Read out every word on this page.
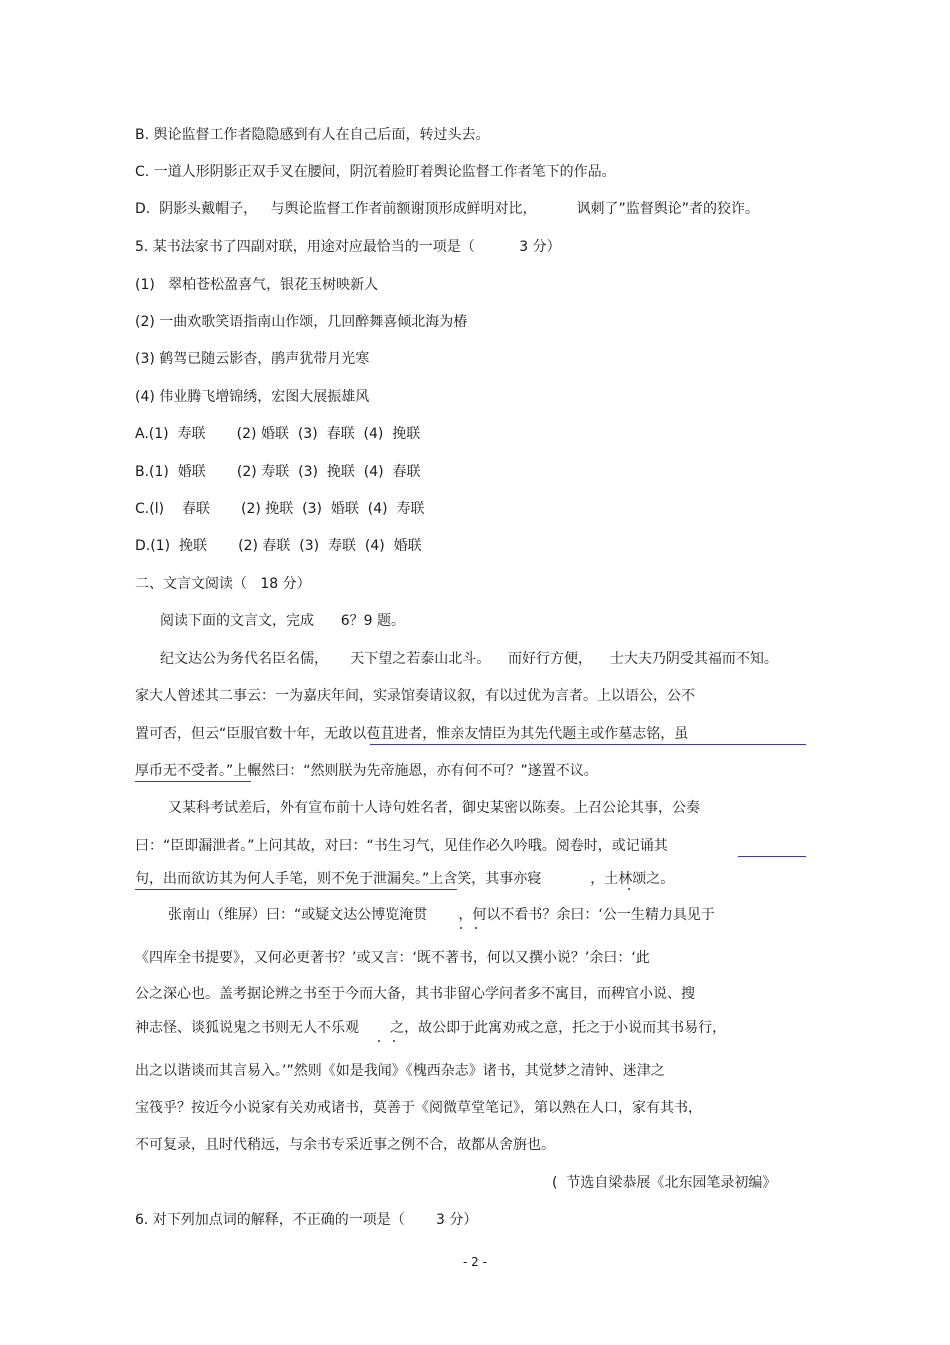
B. 舆论监督工作者隐隐感到有人在自己后面，转过头去。
C. 一道人形阴影正双手叉在腰间，阴沉着脸盯着舆论监督工作者笔下的作品。
D.  阴影头戴帽子，   与舆论监督工作者前额谢顶形成鲜明对比，         讽刺了”监督舆论”者的狡诈。
5. 某书法家书了四副对联，用途对应最恰当的一项是（          3 分）
(1)   翠柏苍松盈喜气，银花玉树映新人
(2) 一曲欢歌笑语指南山作颂，几回醉舞喜倾北海为椿
(3) 鹤驾已随云影杳，鹃声犹带月光寒
(4) 伟业腾飞增锦绣，宏图大展振雄风
A.(1)  寿联       (2) 婚联  (3)  春联  (4)  挽联
B.(1)  婚联       (2) 寿联  (3)  挽联  (4)  春联
C.(l)    春联       (2) 挽联  (3)  婚联  (4)  寿联
D.(1)  挽联       (2) 春联  (3)  寿联  (4)  婚联
二、文言文阅读（   18 分）
阅读下面的文言文，完成      6？9 题。
纪文达公为务代名臣名儒，     天下望之若泰山北斗。    而好行方便，    士大夫乃阴受其福而不知。
家大人曾述其二事云：一为嘉庆年间，实录馆奏请议叙，有以过优为言者。上以语公，公不
置可否，但云“臣服官数十年，无敢以苞苴进者，惟亲友情臣为其先代题主或作墓志铭，虽
厚币无不受者。”上輾然曰：“然则朕为先帝施恩，亦有何不可？”遂置不议。
又某科考试差后，外有宣布前十人诗句姓名者，御史某密以陈奏。上召公论其事，公奏
曰：“臣即漏泄者。”上问其故，对曰：“书生习气，见佳作必久吟哦。阅卷时，或记诵其
句，出而欲访其为何人手笔，则不免于泄漏矣。”上含笑，其事亦寝           ，土林颂之。
张南山（维屏）曰：“或疑文达公博览淹贯       ，何以不看书？余曰：‘公一生精力具见于
《四库全书提要》，又何必更著书？’或又言：‘既不著书，何以又撰小说？’余曰：‘此
公之深心也。盖考据论辨之书至于今而大备，其书非留心学问者多不寓目，而稗官小说、搜
神志怪、谈狐说鬼之书则无人不乐观       之，故公即于此寓劝戒之意，托之于小说而其书易行，
出之以谐谈而其言易入。’”然则《如是我闻》《槐西杂志》诸书，其觉梦之清钟、迷津之
宝筏乎？按近今小说家有关劝戒诸书，莫善于《阅微草堂笔记》，第以熟在人口，家有其书，
不可复录，且时代稍远，与余书专采近事之例不合，故都从舍旃也。
(  节选自梁恭展《北东园笔录初编》
6. 对下列加点词的解释，不正确的一项是（       3 分）
- 2 -
